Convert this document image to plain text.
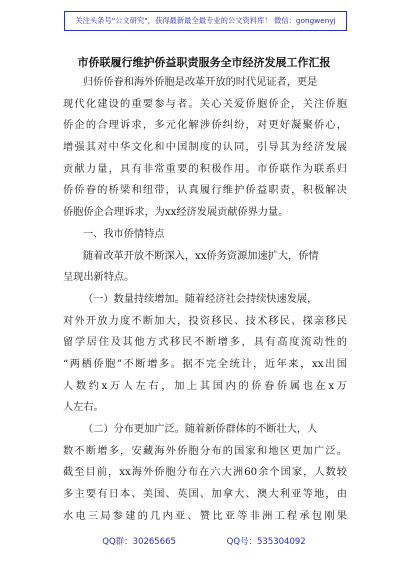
关注头条号"公文研究"，获得最新最全最专业的公文资料库！ 微信：gongwenyj
市侨联履行维护侨益职责服务全市经济发展工作汇报
归侨侨眷和海外侨胞是改革开放的时代见证者，更是
现代化建设的重要参与者。关心关爱侨胞侨企，关注侨胞
侨企的合理诉求，多元化解涉侨纠纷，对更好凝聚侨心，
增强其对中华文化和中国制度的认同，引导其为经济发展
贡献力量，具有非常重要的积极作用。市侨联作为联系归
侨侨眷的桥梁和纽带，认真履行维护侨益职责，积极解决
侨胞侨企合理诉求，为xx经济发展贡献侨界力量。
一、我市侨情特点
随着改革开放不断深入，xx侨务资源加速扩大，侨情
呈现出新特点。
（一）数量持续增加。随着经济社会持续快速发展，
对外开放力度不断加大，投资移民、技术移民、探亲移民
留学居住及其他方式移民不断增多，具有高度流动性的
“两栖侨胞”不断增多。据不完全统计，近年来，xx出国
人数约x万人左右，加上其国内的侨眷侨属也在x万
人左右。
（二）分布更加广泛。随着新侨群体的不断壮大，人
数不断增多，安藏海外侨胞分布的国家和地区更加广泛。
截至目前，xx海外侨胞分布在六大洲60余个国家，人数较
多主要有日本、美国、英国、加拿大、澳大利亚等地，由
水电三局参建的几内亚、赞比亚等非洲工程承包刚果
QQ群：30265665	QQ号：535304092
